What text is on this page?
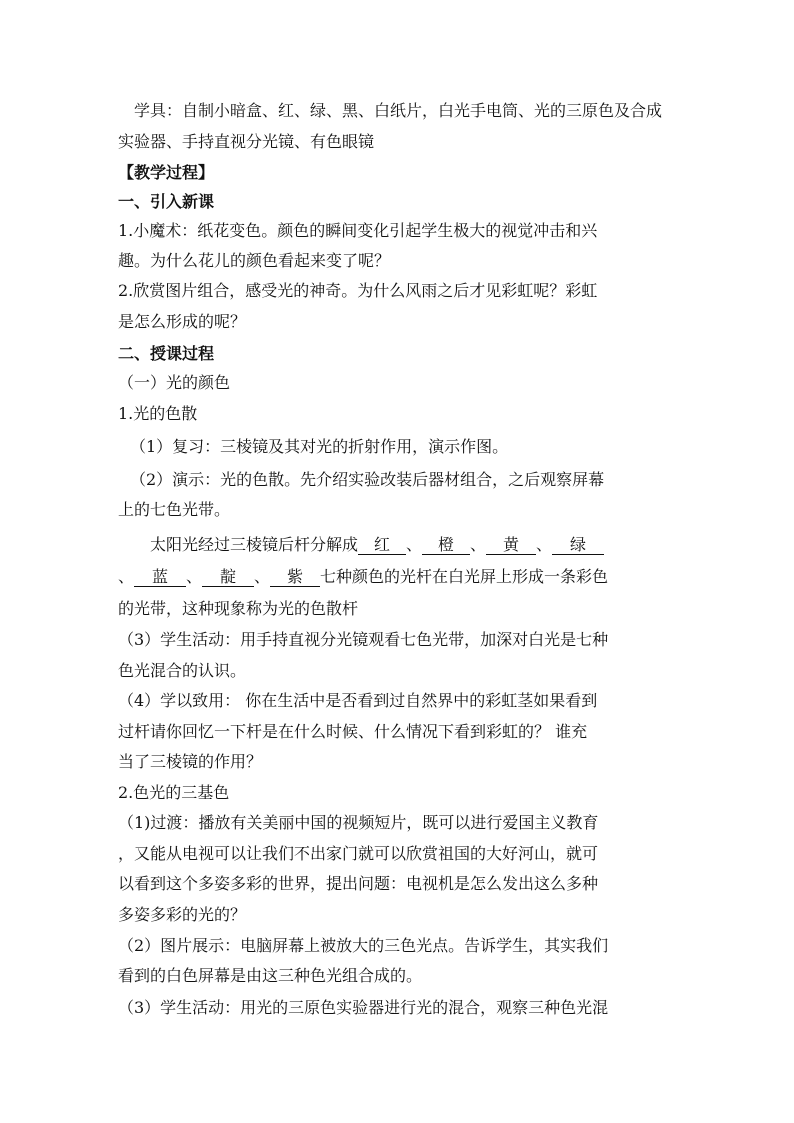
　学具：自制小暗盒、红、绿、黑、白纸片，白光手电筒、光的三原色及合成
实验器、手持直视分光镜、有色眼镜
【教学过程】
一、引入新课
1.小魔术：纸花变色。颜色的瞬间变化引起学生极大的视觉冲击和兴
趣。为什么花儿的颜色看起来变了呢？
2.欣赏图片组合，感受光的神奇。为什么风雨之后才见彩虹呢？彩虹
是怎么形成的呢？
二、授课过程
（一）光的颜色
1.光的色散
（1）复习：三棱镜及其对光的折射作用，演示作图。
（2）演示：光的色散。先介绍实验改装后器材组合，之后观察屏幕
上的七色光带。
太阳光经过三棱镜后杆分解成 红 、 橙 、 黄 、 绿
、 蓝 、 靛 、 紫 七种颜色的光杆在白光屏上形成一条彩色
的光带，这种现象称为光的色散杆
（3）学生活动：用手持直视分光镜观看七色光带，加深对白光是七种
色光混合的认识。
（4）学以致用： 你在生活中是否看到过自然界中的彩虹茎如果看到
过杆请你回忆一下杆是在什么时候、什么情况下看到彩虹的？ 谁充
当了三棱镜的作用？
2.色光的三基色
（1)过渡：播放有关美丽中国的视频短片，既可以进行爱国主义教育
，又能从电视可以让我们不出家门就可以欣赏祖国的大好河山，就可
以看到这个多姿多彩的世界，提出问题：电视机是怎么发出这么多种
多姿多彩的光的？
（2）图片展示：电脑屏幕上被放大的三色光点。告诉学生，其实我们
看到的白色屏幕是由这三种色光组合成的。
（3）学生活动：用光的三原色实验器进行光的混合，观察三种色光混
